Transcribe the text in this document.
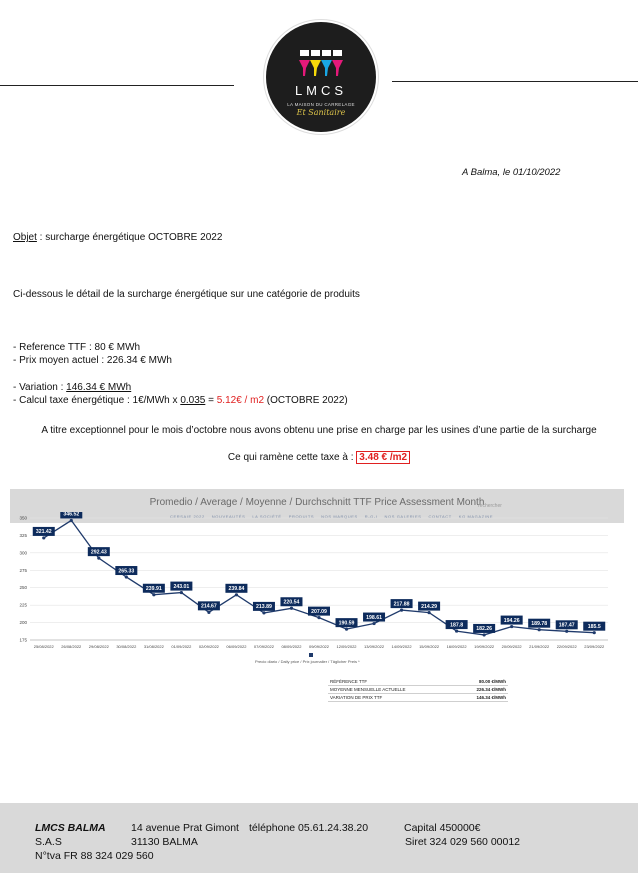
LMCS
LA MAISON DU CARRELAGE
Et Sanitaire
A Balma, le 01/10/2022
Objet : surcharge énergétique OCTOBRE 2022
Ci-dessous le détail de la surcharge énergétique sur une catégorie de produits
- Reference TTF : 80 € MWh
- Prix moyen actuel : 226.34 € MWh
- Variation : 146.34 € MWh
- Calcul taxe énergétique : 1€/MWh x 0.035 = 5.12€ / m2 (OCTOBRE 2022)
A titre exceptionnel pour le mois d’octobre nous avons obtenu une prise en charge par les usines d’une partie de la surcharge
Ce qui ramène cette taxe à : 3.48 € /m2
Promedio / Average / Moyenne / Durchschnitt TTF Price Assessment Month
rechercher
CERSAIE 2022 NOUVEAUTÉS LA SOCIÉTÉ PRODUITS NOS MARQUES R-G-I NOS GALERIES CONTACT KG MAGAZINE
175
200
225
250
275
300
325
350
25/08/2022 26/08/2022 29/08/2022 30/08/2022 31/08/2022 01/09/2022 02/09/2022 06/09/2022 07/09/2022 08/09/2022 09/09/2022 12/09/2022 13/09/2022 14/09/2022 15/09/2022 16/09/2022 19/09/2022 20/09/2022 21/09/2022 22/09/2022 23/09/2022
321.42
346.52
292.43
265.33
239.91 243.01
214.67
239.84
213.89
220.54
207.09
190.59
198.61
217.88 214.29
187.8
182.26
194.26
189.78 187.47	185.5
Precio diario / Daily price / Prix journalier / Tâglicher Preis *
RÉFÉRENCE TTF	80.00 €/MWh
MOYENNE MENSUELLE ACTUELLE	226.34 €/MWh
VARIATION DE PRIX TTF	146.34 €/MWh
LMCS BALMA
S.A.S
N°tva FR 88 324 029 560
14 avenue Prat Gimont
31130 BALMA
téléphone 05.61.24.38.20	Capital 450000€
Siret 324 029 560 00012
